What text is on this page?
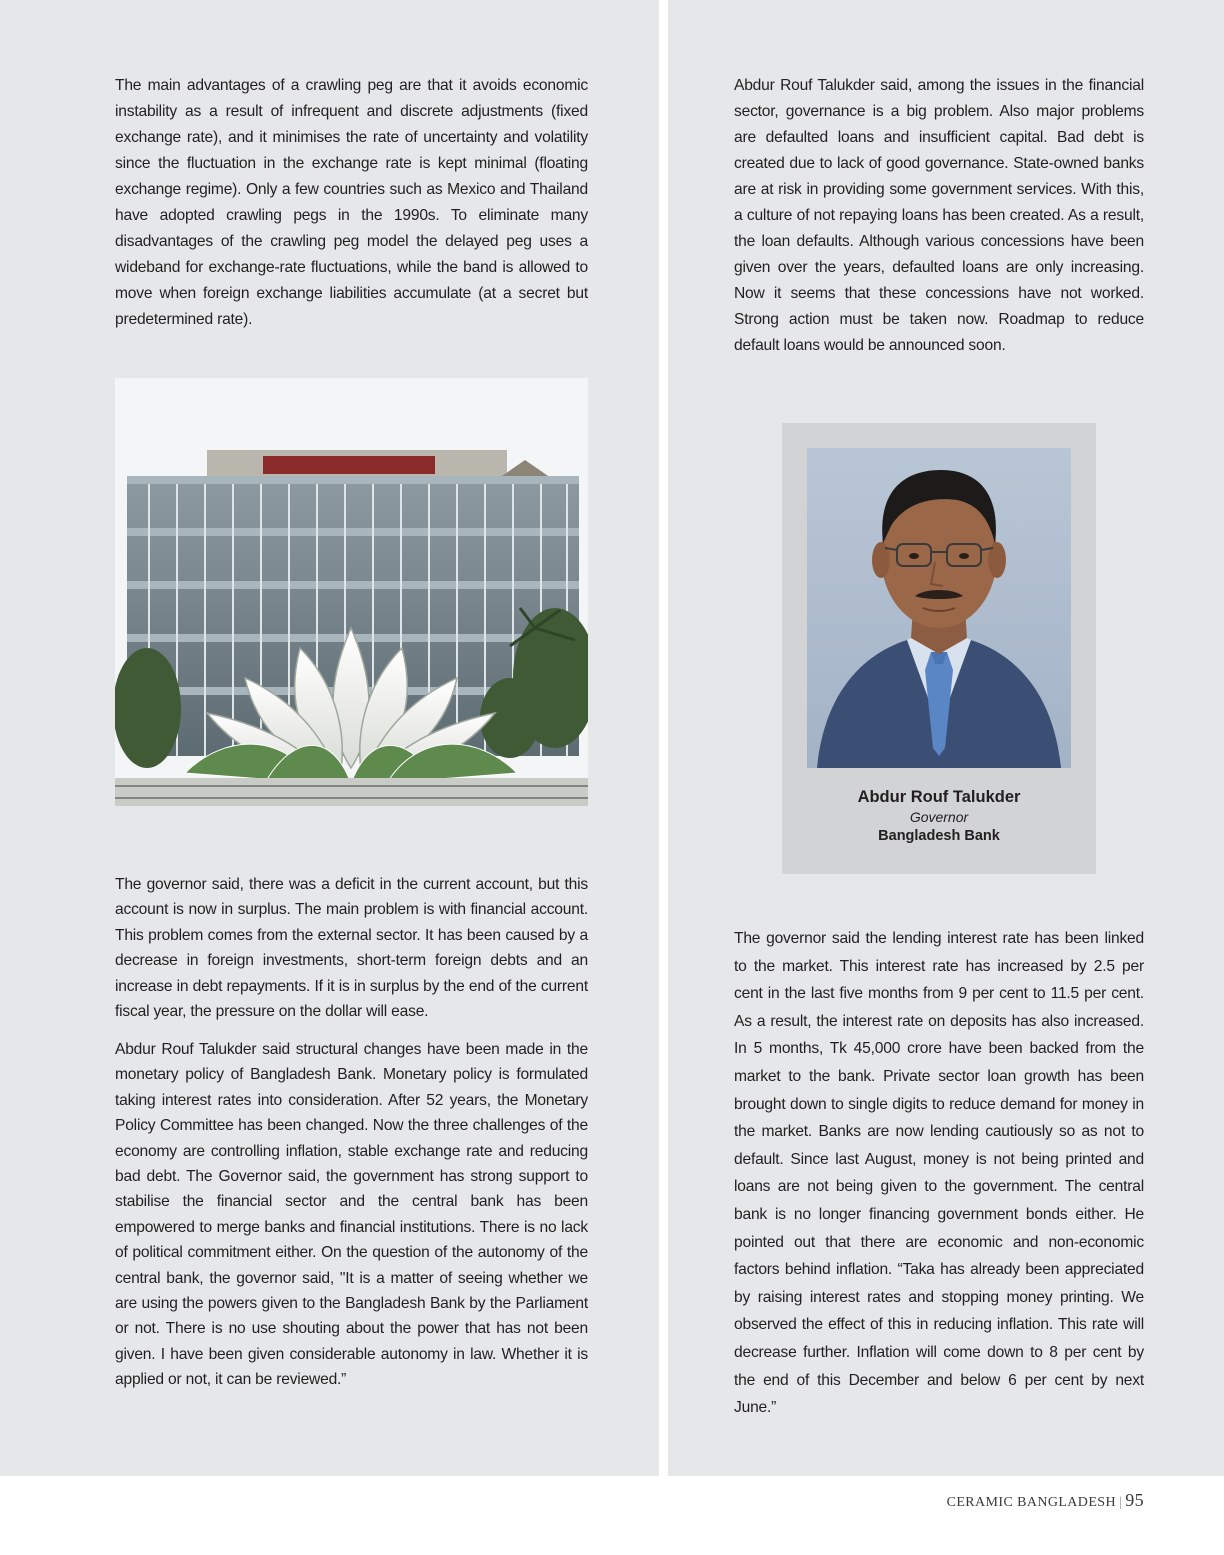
The main advantages of a crawling peg are that it avoids economic instability as a result of infrequent and discrete adjustments (fixed exchange rate), and it minimises the rate of uncertainty and volatility since the fluctuation in the exchange rate is kept minimal (floating exchange regime). Only a few countries such as Mexico and Thailand have adopted crawling pegs in the 1990s. To eliminate many disadvantages of the crawling peg model the delayed peg uses a wideband for exchange-rate fluctuations, while the band is allowed to move when foreign exchange liabilities accumulate (at a secret but predetermined rate).

The governor said, there was a deficit in the current account, but this account is now in surplus. The main problem is with financial account. This problem comes from the external sector. It has been caused by a decrease in foreign investments, short-term foreign debts and an increase in debt repayments. If it is in surplus by the end of the current fiscal year, the pressure on the dollar will ease.

Abdur Rouf Talukder said structural changes have been made in the monetary policy of Bangladesh Bank. Monetary policy is formulated taking interest rates into consideration. After 52 years, the Monetary Policy Committee has been changed. Now the three challenges of the economy are controlling inflation, stable exchange rate and reducing bad debt. The Governor said, the government has strong support to stabilise the financial sector and the central bank has been empowered to merge banks and financial institutions. There is no lack of political commitment either. On the question of the autonomy of the central bank, the governor said, "It is a matter of seeing whether we are using the powers given to the Bangladesh Bank by the Parliament or not. There is no use shouting about the power that has not been given. I have been given considerable autonomy in law. Whether it is applied or not, it can be reviewed.”

Abdur Rouf Talukder said, among the issues in the financial sector, governance is a big problem. Also major problems are defaulted loans and insufficient capital. Bad debt is created due to lack of good governance. State-owned banks are at risk in providing some government services. With this, a culture of not repaying loans has been created. As a result, the loan defaults. Although various concessions have been given over the years, defaulted loans are only increasing. Now it seems that these concessions have not worked. Strong action must be taken now. Roadmap to reduce default loans would be announced soon.

Abdur Rouf Talukder

Governor

Bangladesh Bank

The governor said the lending interest rate has been linked to the market. This interest rate has increased by 2.5 per cent in the last five months from 9 per cent to 11.5 per cent. As a result, the interest rate on deposits has also increased. In 5 months, Tk 45,000 crore have been backed from the market to the bank. Private sector loan growth has been brought down to single digits to reduce demand for money in the market. Banks are now lending cautiously so as not to default. Since last August, money is not being printed and loans are not being given to the government. The central bank is no longer financing government bonds either. He pointed out that there are economic and non-economic factors behind inflation. “Taka has already been appreciated by raising interest rates and stopping money printing. We observed the effect of this in reducing inflation. This rate will decrease further. Inflation will come down to 8 per cent by the end of this December and below 6 per cent by next June.”

CERAMIC BANGLADESH | 95
